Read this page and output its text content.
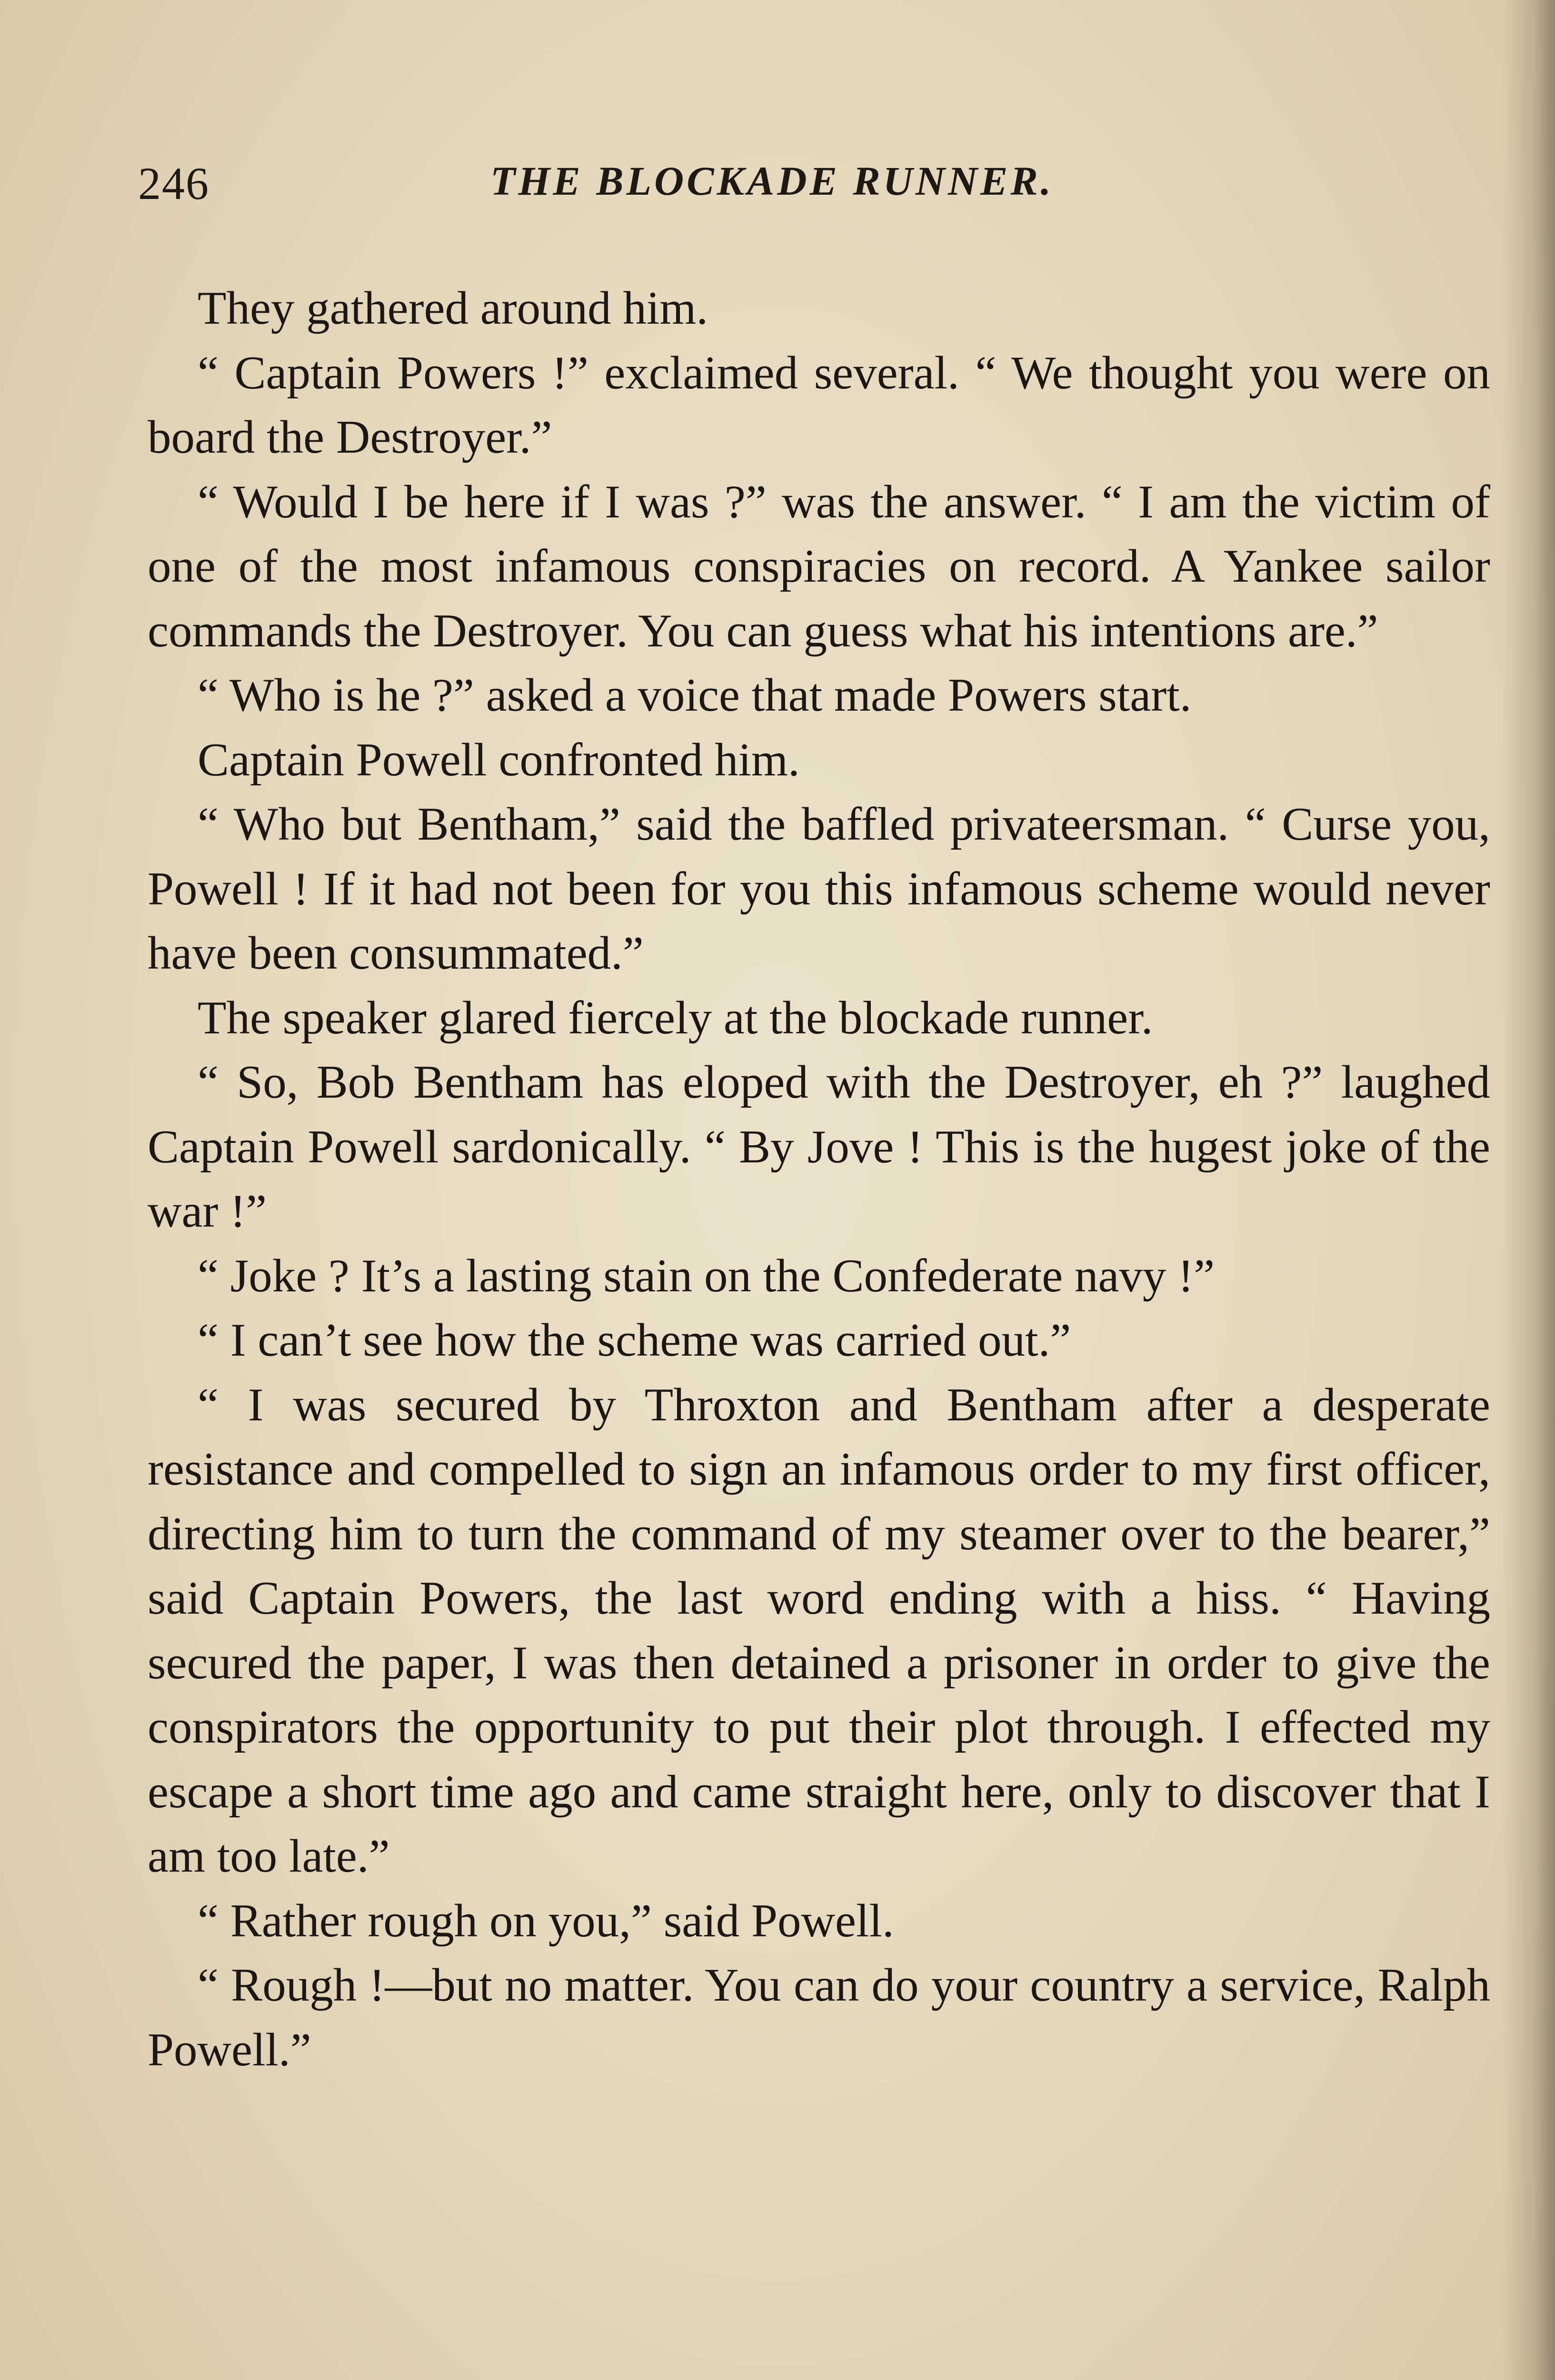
246	THE BLOCKADE RUNNER.

They gathered around him.

“ Captain Powers !” exclaimed several. “ We thought you were on board the Destroyer.”

“ Would I be here if I was ?” was the answer. “ I am the victim of one of the most infamous conspiracies on record. A Yankee sailor commands the Destroyer. You can guess what his intentions are.”

“ Who is he ?” asked a voice that made Powers start.

Captain Powell confronted him.

“ Who but Bentham,” said the baffled privateersman. “ Curse you, Powell ! If it had not been for you this infamous scheme would never have been consummated.”

The speaker glared fiercely at the blockade runner.

“ So, Bob Bentham has eloped with the Destroyer, eh ?” laughed Captain Powell sardonically. “ By Jove ! This is the hugest joke of the war !”

“ Joke ? It’s a lasting stain on the Confederate navy !”

“ I can’t see how the scheme was carried out.”

“ I was secured by Throxton and Bentham after a desperate resistance and compelled to sign an infamous order to my first officer, directing him to turn the command of my steamer over to the bearer,” said Captain Powers, the last word ending with a hiss. “ Having secured the paper, I was then detained a prisoner in order to give the conspirators the opportunity to put their plot through. I effected my escape a short time ago and came straight here, only to discover that I am too late.”

“ Rather rough on you,” said Powell.

“ Rough !—but no matter. You can do your country a service, Ralph Powell.”
